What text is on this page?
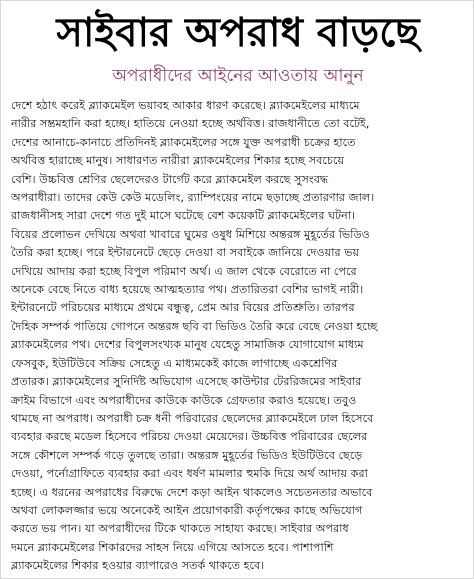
সাইবার অপরাধ বাড়ছে
অপরাধীদের আইনের আওতায় আনুন
দেশে হঠাৎ করেই ব্ল্যাকমেইল ভয়াবহ আকার ধারণ করেছে। ব্ল্যাকমেইলের মাধ্যমে
নারীর সম্ভ্রমহানি করা হচ্ছে। হাতিয়ে নেওয়া হচ্ছে অর্থবিত্ত। রাজধানীতে তো বটেই,
দেশের আনাচে-কানাচে প্রতিদিনই ব্ল্যাকমেইলের সঙ্গে যুক্ত অপরাধী চক্রের হাতে
অর্থবিত্ত হারাচ্ছে মানুষ। সাধারণত নারীরা ব্ল্যাকমেইলের শিকার হচ্ছে সবচেয়ে
বেশি। উচ্চবিত্ত শ্রেণির ছেলেদেরও টার্গেট করে ব্ল্যাকমেইল করছে সুসংবদ্ধ
অপরাধীরা। তাদের কেউ কেউ মডেলিং, র‌্যাম্পিংয়ের নামে ছড়াচ্ছে প্রতারণার জাল।
রাজধানীসহ সারা দেশে গত দুই মাসে ঘটেছে বেশ কয়েকটি ব্ল্যাকমেইলের ঘটনা।
বিয়ের প্রলোভন দেখিয়ে অথবা খাবারে ঘুমের ওষুধ মিশিয়ে অন্তরঙ্গ মুহূর্তের ভিডিও
তৈরি করা হচ্ছে। পরে ইন্টারনেটে ছেড়ে দেওয়া বা সবাইকে জানিয়ে দেওয়ার ভয়
দেখিয়ে আদায় করা হচ্ছে বিপুল পরিমাণ অর্থ। এ জাল থেকে বেরোতে না পেরে
অনেকে বেছে নিতে বাধ্য হয়েছে আত্মহত্যার পথ। প্রতারিতরা বেশির ভাগই নারী।
ইন্টারনেটে পরিচয়ের মাধ্যমে প্রথমে বন্ধুত্ব, প্রেম আর বিয়ের প্রতিশ্রুতি। তারপর
দৈহিক সম্পর্ক পাতিয়ে গোপনে অন্তরঙ্গ ছবি বা ভিডিও তৈরি করে বেছে নেওয়া হচ্ছে
ব্ল্যাকমেইলের পথ। দেশের বিপুলসংখ্যক মানুষ যেহেতু সামাজিক যোগাযোগ মাধ্যম
ফেসবুক, ইউটিউবে সক্রিয় সেহেতু এ মাধ্যমকেই কাজে লাগাচ্ছে একশ্রেণির
প্রতারক। ব্ল্যাকমেইলের সুনির্দিষ্ট অভিযোগ এসেছে কাউন্টার টেররিজমের সাইবার
ক্রাইম বিভাগে এবং অপরাধীদের কাউকে কাউকে গ্রেফতার করাও হয়েছে। তবুও
থামছে না অপরাধ। অপরাধী চক্র ধনী পরিবারের ছেলেদের ব্ল্যাকমেইলে ঢাল হিসেবে
ব্যবহার করছে মডেল হিসেবে পরিচয় দেওয়া মেয়েদের। উচ্চবিত্ত পরিবারের ছেলের
সঙ্গে কৌশলে সম্পর্ক গড়ে তুলছে তারা। অন্তরঙ্গ মুহূর্তের ভিডিও ইউটিউবে ছেড়ে
দেওয়া, পর্নোগ্রাফিতে ব্যবহার করা এবং ধর্ষণ মামলার হুমকি দিয়ে অর্থ আদায় করা
হচ্ছে। এ ধরনের অপরাধের বিরুদ্ধে দেশে কড়া আইন থাকলেও সচেতনতার অভাবে
অথবা লোকলজ্জার ভয়ে অনেকেই আইন প্রয়োগকারী কর্তৃপক্ষের কাছে অভিযোগ
করতে ভয় পান। যা অপরাধীদের টিকে থাকতে সাহায্য করছে। সাইবার অপরাধ
দমনে ব্ল্যাকমেইলের শিকারদের সাহস নিয়ে এগিয়ে আসতে হবে। পাশাপাশি
ব্ল্যাকমেইলের শিকার হওয়ার ব্যাপারেও সতর্ক থাকতে হবে।
